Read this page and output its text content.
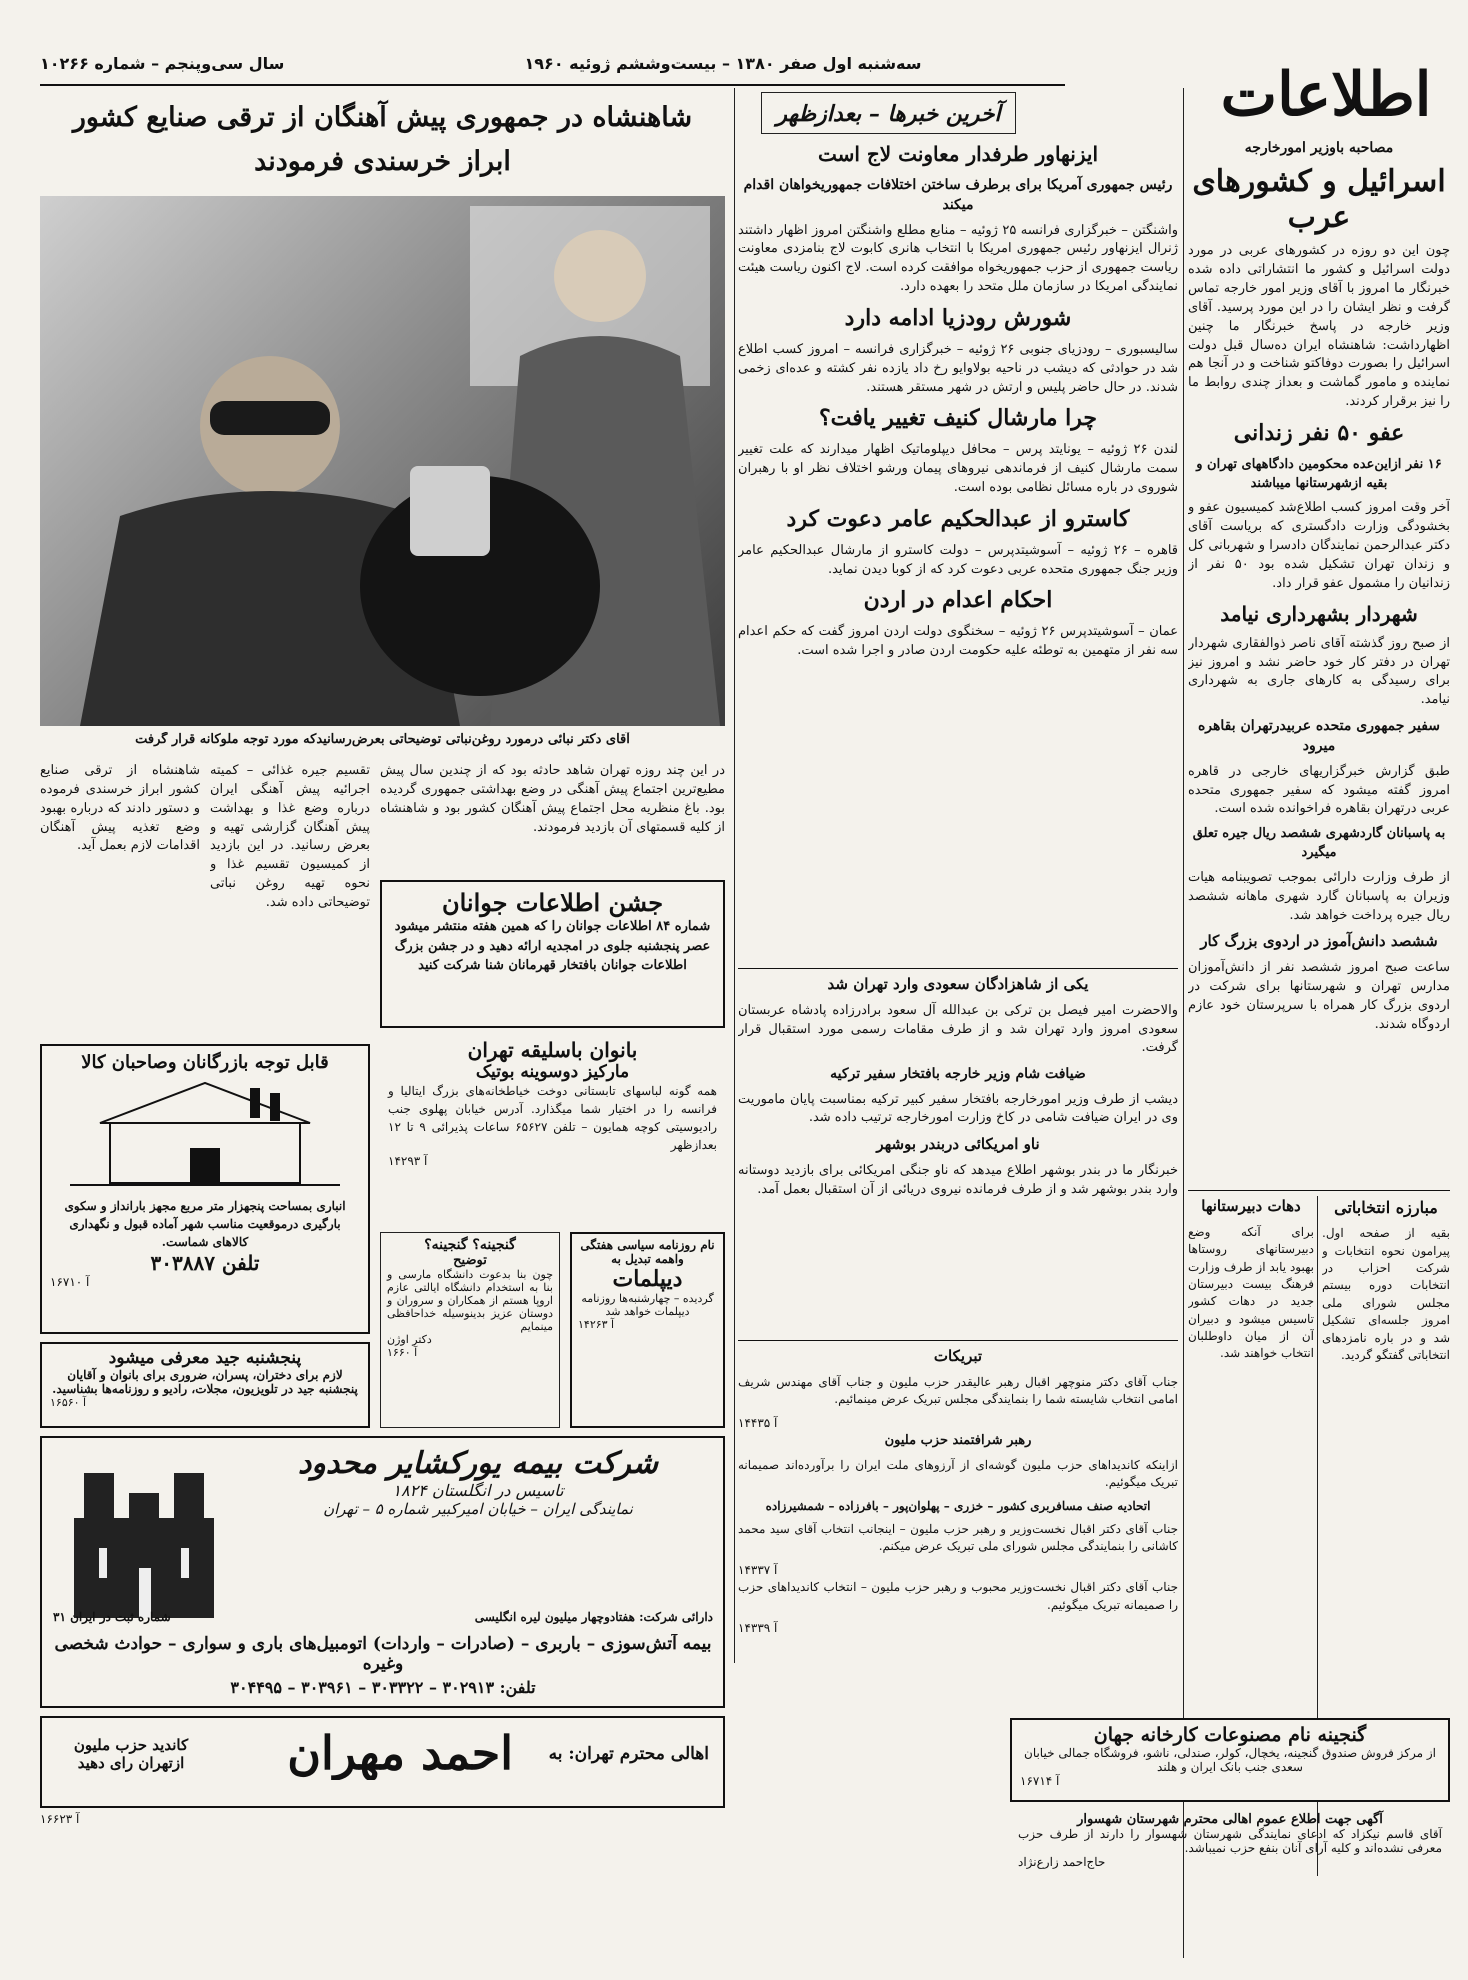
اطلاعات
سه‌شنبه اول صفر ۱۳۸۰ – بیست‌وششم ژوئیه ۱۹۶۰
سال سی‌وپنجم – شماره ۱۰۲۶۶
مصاحبه باوزیر امورخارجه
اسرائیل و کشورهای عرب

چون این دو روزه در کشورهای عربی در مورد دولت اسرائیل و کشور ما انتشاراتی داده شده خبرنگار ما امروز با آقای وزیر امور خارجه تماس گرفت و نظر ایشان را در این مورد پرسید. آقای وزیر خارجه در پاسخ خبرنگار ما چنین اظهارداشت: شاهنشاه ایران ده‌سال قبل دولت اسرائیل را بصورت دوفاکتو شناخت و در آنجا هم نماینده و مامور گماشت و بعداز چندی روابط ما را نیز برقرار کردند.

عفو ۵۰ نفر زندانی
۱۶ نفر ازاین‌عده محکومین دادگاههای تهران و بقیه ازشهرستانها میباشند

آخر وقت امروز کسب اطلاع‌شد کمیسیون عفو و بخشودگی وزارت دادگستری که بریاست آقای دکتر عبدالرحمن نمایندگان دادسرا و شهربانی کل و زندان تهران تشکیل شده بود ۵۰ نفر از زندانیان را مشمول عفو قرار داد.

شهردار بشهرداری نیامد

از صبح روز گذشته آقای ناصر ذوالفقاری شهردار تهران در دفتر کار خود حاضر نشد و امروز نیز برای رسیدگی به کارهای جاری به شهرداری نیامد.

سفیر جمهوری متحده عربیدرتهران بقاهره میرود

طبق گزارش خبرگزاریهای خارجی در قاهره امروز گفته میشود که سفیر جمهوری متحده عربی درتهران بقاهره فراخوانده شده است.

به پاسبانان گاردشهری ششصد ریال جیره تعلق میگیرد

از طرف وزارت دارائی بموجب تصویبنامه هیات وزیران به پاسبانان گارد شهری ماهانه ششصد ریال جیره پرداخت خواهد شد.

ششصد دانش‌آموز در اردوی بزرگ کار

ساعت صبح امروز ششصد نفر از دانش‌آموزان مدارس تهران و شهرستانها برای شرکت در اردوی بزرگ کار همراه با سرپرستان خود عازم اردوگاه شدند.

مبارزه انتخاباتی

بقیه از صفحه اول. پیرامون نحوه انتخابات و شرکت احزاب در انتخابات دوره بیستم مجلس شورای ملی امروز جلسه‌ای تشکیل شد و در باره نامزدهای انتخاباتی گفتگو گردید.

دهات دبیرستانها

برای آنکه وضع دبیرستانهای روستاها بهبود یابد از طرف وزارت فرهنگ بیست دبیرستان جدید در دهات کشور تاسیس میشود و دبیران آن از میان داوطلبان انتخاب خواهند شد.

گنجینه نام مصنوعات کارخانه جهان
از مرکز فروش صندوق گنجینه، یخچال، کولر، صندلی، ناشو، فروشگاه جمالی خیابان سعدی جنب بانک ایران و هلند
آ ۱۶۷۱۴
آگهی جهت اطلاع عموم اهالی محترم شهرستان شهسوار
آقای قاسم نیکزاد که ادعای نمایندگی شهرستان شهسوار را دارند از طرف حزب معرفی نشده‌اند و کلیه آرای آنان بنفع حزب نمیباشد.
حاج‌احمد زارع‌نژاد
آخرین خبرها – بعدازظهر
ایزنهاور طرفدار معاونت لاج است
رئیس جمهوری آمریکا برای برطرف ساختن اختلافات جمهوریخواهان اقدام میکند

واشنگتن – خبرگزاری فرانسه ۲۵ ژوئیه – منابع مطلع واشنگتن امروز اظهار داشتند ژنرال ایزنهاور رئیس جمهوری امریکا با انتخاب هانری کابوت لاج بنامزدی معاونت ریاست جمهوری از حزب جمهوریخواه موافقت کرده است. لاج اکنون ریاست هیئت نمایندگی امریکا در سازمان ملل متحد را بعهده دارد.

شورش رودزیا ادامه دارد

سالیسبوری – رودزیای جنوبی ۲۶ ژوئیه – خبرگزاری فرانسه – امروز کسب اطلاع شد در حوادثی که دیشب در ناحیه بولاوایو رخ داد یازده نفر کشته و عده‌ای زخمی شدند. در حال حاضر پلیس و ارتش در شهر مستقر هستند.

چرا مارشال کنیف تغییر یافت؟

لندن ۲۶ ژوئیه – یونایتد پرس – محافل دیپلوماتیک اظهار میدارند که علت تغییر سمت مارشال کنیف از فرماندهی نیروهای پیمان ورشو اختلاف نظر او با رهبران شوروی در باره مسائل نظامی بوده است.

کاسترو از عبدالحکیم عامر دعوت کرد

قاهره – ۲۶ ژوئیه – آسوشیتدپرس – دولت کاسترو از مارشال عبدالحکیم عامر وزیر جنگ جمهوری متحده عربی دعوت کرد که از کوبا دیدن نماید.

احکام اعدام در اردن

عمان – آسوشیتدپرس ۲۶ ژوئیه – سخنگوی دولت اردن امروز گفت که حکم اعدام سه نفر از متهمین به توطئه علیه حکومت اردن صادر و اجرا شده است.

یکی از شاهزادگان سعودی وارد تهران شد

والاحضرت امیر فیصل بن ترکی بن عبدالله آل سعود برادرزاده پادشاه عربستان سعودی امروز وارد تهران شد و از طرف مقامات رسمی مورد استقبال قرار گرفت.

ضیافت شام وزیر خارجه بافتخار سفیر ترکیه

دیشب از طرف وزیر امورخارجه بافتخار سفیر کبیر ترکیه بمناسبت پایان ماموریت وی در ایران ضیافت شامی در کاخ وزارت امورخارجه ترتیب داده شد.

ناو امریکائی دربندر بوشهر

خبرنگار ما در بندر بوشهر اطلاع میدهد که ناو جنگی امریکائی برای بازدید دوستانه وارد بندر بوشهر شد و از طرف فرمانده نیروی دریائی از آن استقبال بعمل آمد.

تبریکات

جناب آقای دکتر منوچهر اقبال رهبر عالیقدر حزب ملیون و جناب آقای مهندس شریف امامی انتخاب شایسته شما را بنمایندگی مجلس تبریک عرض مینمائیم.

آ ۱۴۴۳۵
رهبر شرافتمند حزب ملیون

ازاینکه کاندیداهای حزب ملیون گوشه‌ای از آرزوهای ملت ایران را برآورده‌اند صمیمانه تبریک میگوئیم.

اتحادیه صنف مسافربری کشور – خزری – پهلوان‌پور – بافرزاده – شمشیرزاده

جناب آقای دکتر اقبال نخست‌وزیر و رهبر حزب ملیون – اینجانب انتخاب آقای سید محمد کاشانی را بنمایندگی مجلس شورای ملی تبریک عرض میکنم.

آ ۱۴۳۳۷

جناب آقای دکتر اقبال نخست‌وزیر محبوب و رهبر حزب ملیون – انتخاب کاندیداهای حزب را صمیمانه تبریک میگوئیم.

آ ۱۴۳۳۹
شاهنشاه در جمهوری پیش آهنگان از ترقی صنایع کشور
ابراز خرسندی فرمودند
آقای دکتر نبائی درمورد روغن‌نباتی توضیحاتی بعرض‌رسانیدکه مورد توجه ملوکانه قرار گرفت
در این چند روزه تهران شاهد حادثه بود که از چندین سال پیش مطیع‌ترین اجتماع پیش آهنگی در وضع بهداشتی جمهوری گردیده بود. باغ منظریه محل اجتماع پیش آهنگان کشور بود و شاهنشاه از کلیه قسمتهای آن بازدید فرمودند.
تقسیم جیره غذائی – کمیته اجرائیه پیش آهنگی ایران درباره وضع غذا و بهداشت پیش آهنگان گزارشی تهیه و بعرض رسانید. در این بازدید از کمیسیون تقسیم غذا و نحوه تهیه روغن نباتی توضیحاتی داده شد.
شاهنشاه از ترقی صنایع کشور ابراز خرسندی فرموده و دستور دادند که درباره بهبود وضع تغذیه پیش آهنگان اقدامات لازم بعمل آید.
جشن اطلاعات جوانان
شماره ۸۴ اطلاعات جوانان را که همین هفته منتشر میشود عصر پنجشنبه جلوی در امجدیه ارائه دهید و در جشن بزرگ اطلاعات جوانان بافتخار قهرمانان شنا شرکت کنید
بانوان باسلیقه تهران
مارکیز دوسوینه بوتیک
همه گونه لباسهای تابستانی دوخت خیاطخانه‌های بزرگ ایتالیا و فرانسه را در اختیار شما میگذارد. آدرس خیابان پهلوی جنب رادیوسیتی کوچه همایون – تلفن ۶۵۶۲۷ ساعات پذیرائی ۹ تا ۱۲ بعدازظهر
آ ۱۴۲۹۳
قابل توجه بازرگانان وصاحبان کالا
انباری بمساحت پنجهزار متر مربع مجهز بارانداز و سکوی بارگیری درموقعیت مناسب شهر آماده قبول و نگهداری کالاهای شماست.
تلفن ۳۰۳۸۸۷
آ ۱۶۷۱۰
نام روزنامه سیاسی هفتگی واهمه تبدیل به
دیپلمات
گردیده – چهارشنبه‌ها روزنامه دیپلمات خواهد شد
آ ۱۴۲۶۳
گنجینه؟ گنجینه؟
توضیح
چون بنا بدعوت دانشگاه مارسی و بنا به استخدام دانشگاه ایالتی عازم اروپا هستم از همکاران و سروران و دوستان عزیز بدینوسیله خداحافظی مینمایم
دکتر اوژن
آ ۱۶۶۰
پنجشنبه جید معرفی میشود
لازم برای دختران، پسران، ضروری برای بانوان و آقایان پنجشنبه جید در تلویزیون، مجلات، رادیو و روزنامه‌ها بشناسید.
آ ۱۶۵۶۰
شرکت بیمه یورکشایر محدود
تاسیس در انگلستان ۱۸۲۴
نمایندگی ایران – خیابان امیرکبیر شماره ۵ – تهران
دارائی شرکت: هفتادوچهار میلیون لیره انگلیسی
شماره ثبت در ایران ۳۱
بیمه آتش‌سوزی – باربری – (صادرات – واردات) اتومبیل‌های باری و سواری – حوادث شخصی وغیره
تلفن: ۳۰۲۹۱۳ – ۳۰۳۳۲۲ – ۳۰۳۹۶۱ – ۳۰۴۴۹۵
اهالی محترم تهران: به
احمد مهران
کاندید حزب ملیون ازتهران رای دهید
آ ۱۶۶۲۳
